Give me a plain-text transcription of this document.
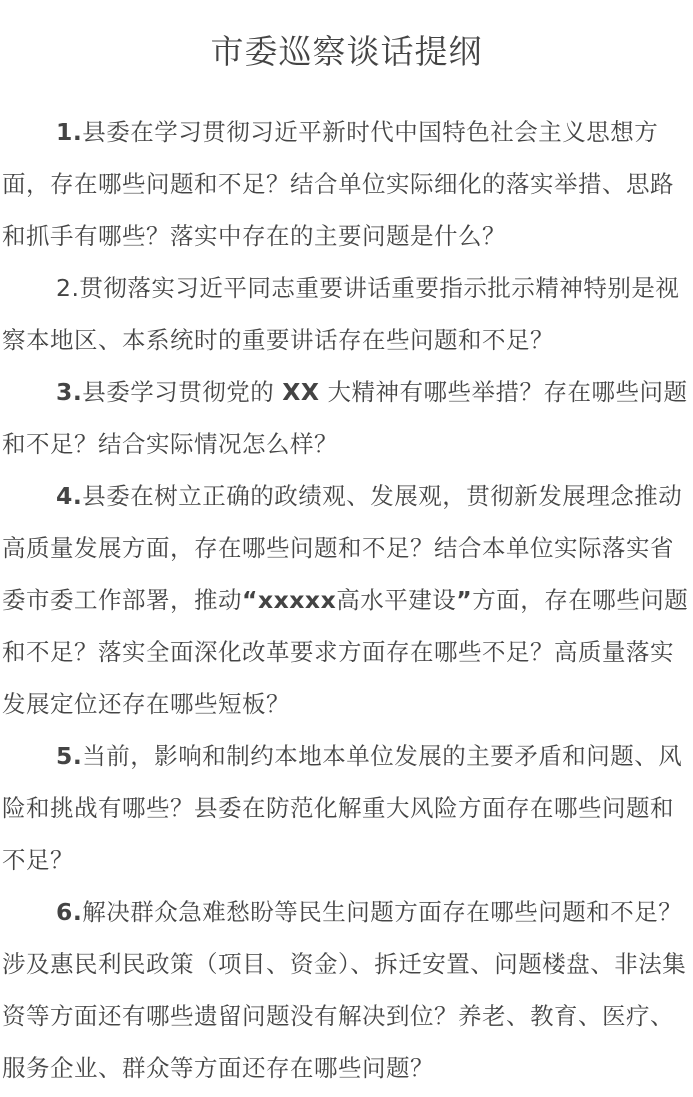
市委巡察谈话提纲

1.县委在学习贯彻习近平新时代中国特色社会主义思想方面，存在哪些问题和不足？结合单位实际细化的落实举措、思路和抓手有哪些？落实中存在的主要问题是什么？

2.贯彻落实习近平同志重要讲话重要指示批示精神特别是视察本地区、本系统时的重要讲话存在些问题和不足？

3.县委学习贯彻党的 XX 大精神有哪些举措？存在哪些问题和不足？结合实际情况怎么样？

4.县委在树立正确的政绩观、发展观，贯彻新发展理念推动高质量发展方面，存在哪些问题和不足？结合本单位实际落实省委市委工作部署，推动“xxxxx高水平建设”方面，存在哪些问题和不足？落实全面深化改革要求方面存在哪些不足？高质量落实发展定位还存在哪些短板？

5.当前，影响和制约本地本单位发展的主要矛盾和问题、风险和挑战有哪些？县委在防范化解重大风险方面存在哪些问题和不足？

6.解决群众急难愁盼等民生问题方面存在哪些问题和不足？涉及惠民利民政策（项目、资金）、拆迁安置、问题楼盘、非法集资等方面还有哪些遗留问题没有解决到位？养老、教育、医疗、服务企业、群众等方面还存在哪些问题？
